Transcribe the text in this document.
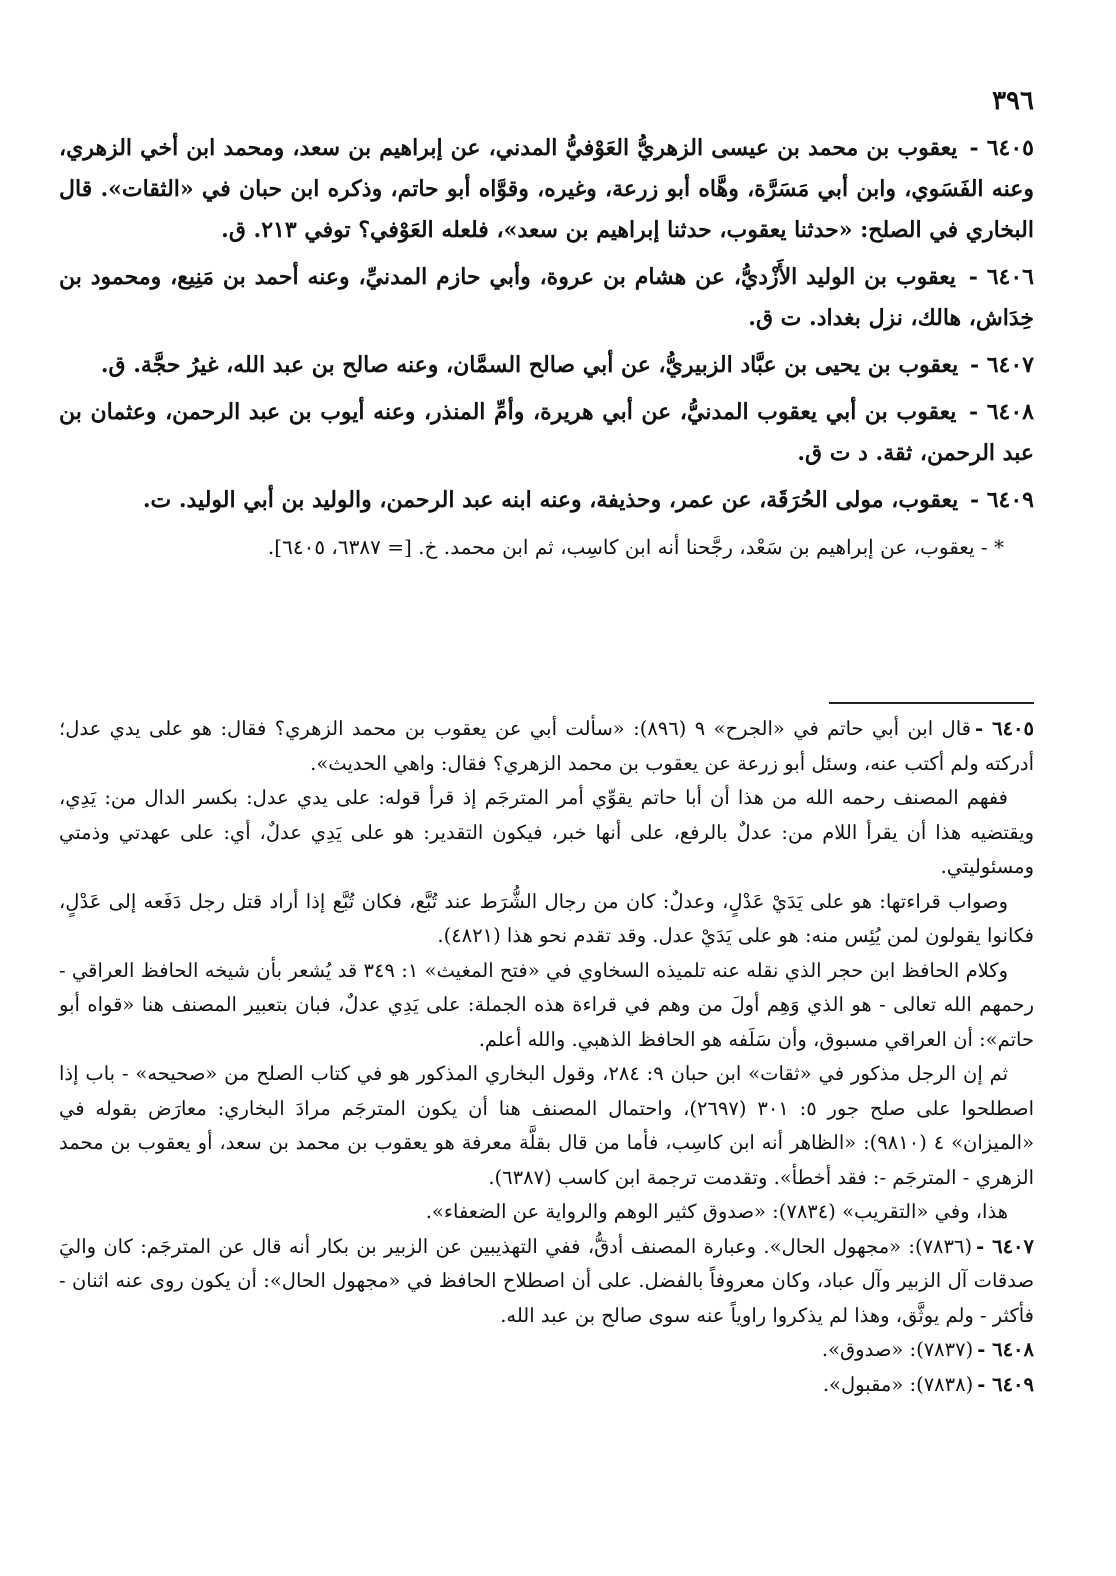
٣٩٦
٦٤٠٥ - يعقوب بن محمد بن عيسى الزهريُّ العَوْفيُّ المدني، عن إبراهيم بن سعد، ومحمد ابن أخي الزهري، وعنه الفَسَوي، وابن أبي مَسَرَّة، وهَّاه أبو زرعة، وغيره، وقوَّاه أبو حاتم، وذكره ابن حبان في «الثقات». قال البخاري في الصلح: «حدثنا يعقوب، حدثنا إبراهيم بن سعد»، فلعله العَوْفي؟ توفي ٢١٣. ق.
٦٤٠٦ - يعقوب بن الوليد الأَزْديُّ، عن هشام بن عروة، وأبي حازم المدنيِّ، وعنه أحمد بن مَنِيع، ومحمود بن خِدَاش، هالك، نزل بغداد. ت ق.
٦٤٠٧ - يعقوب بن يحيى بن عبَّاد الزبيريُّ، عن أبي صالح السمَّان، وعنه صالح بن عبد الله، غيرُ حجَّة. ق.
٦٤٠٨ - يعقوب بن أبي يعقوب المدنيُّ، عن أبي هريرة، وأمِّ المنذر، وعنه أيوب بن عبد الرحمن، وعثمان بن عبد الرحمن، ثقة. د ت ق.
٦٤٠٩ - يعقوب، مولى الحُرَقَة، عن عمر، وحذيفة، وعنه ابنه عبد الرحمن، والوليد بن أبي الوليد. ت.
* - يعقوب، عن إبراهيم بن سَعْد، رجَّحنا أنه ابن كاسِب، ثم ابن محمد. خ. [= ٦٣٨٧، ٦٤٠٥].
٦٤٠٥ -قال ابن أبي حاتم في «الجرح» ٩ (٨٩٦): «سألت أبي عن يعقوب بن محمد الزهري؟ فقال: هو على يدي عدل؛ أدركته ولم أكتب عنه، وسئل أبو زرعة عن يعقوب بن محمد الزهري؟ فقال: واهي الحديث».
ففهم المصنف رحمه الله من هذا أن أبا حاتم يقوِّي أمر المترجَم إذ قرأ قوله: على يدي عدل: بكسر الدال من: يَدِي، ويقتضيه هذا أن يقرأ اللام من: عدلٌ بالرفع، على أنها خبر، فيكون التقدير: هو على يَدِي عدلٌ، أي: على عهدتي وذمتي ومسئوليتي.
وصواب قراءتها: هو على يَدَيْ عَدْلٍ، وعدلٌ: كان من رجال الشُّرَط عند تُبَّع، فكان تُبَّع إذا أراد قتل رجل دَفَعه إلى عَدْلٍ، فكانوا يقولون لمن يُئِس منه: هو على يَدَيْ عدل. وقد تقدم نحو هذا (٤٨٢١).
وكلام الحافظ ابن حجر الذي نقله عنه تلميذه السخاوي في «فتح المغيث» ١: ٣٤٩ قد يُشعر بأن شيخه الحافظ العراقي - رحمهم الله تعالى - هو الذي وَهِم أولَ من وهم في قراءة هذه الجملة: على يَدِي عدلٌ، فبان بتعبير المصنف هنا «قواه أبو حاتم»: أن العراقي مسبوق، وأن سَلَفه هو الحافظ الذهبي. والله أعلم.
ثم إن الرجل مذكور في «ثقات» ابن حبان ٩: ٢٨٤، وقول البخاري المذكور هو في كتاب الصلح من «صحيحه» - باب إذا اصطلحوا على صلح جور ٥: ٣٠١ (٢٦٩٧)، واحتمال المصنف هنا أن يكون المترجَم مرادَ البخاري: معارَض بقوله في «الميزان» ٤ (٩٨١٠): «الظاهر أنه ابن كاسِب، فأما من قال بقلَّة معرفة هو يعقوب بن محمد بن سعد، أو يعقوب بن محمد الزهري - المترجَم -: فقد أخطأ». وتقدمت ترجمة ابن كاسب (٦٣٨٧).
هذا، وفي «التقريب» (٧٨٣٤): «صدوق كثير الوهم والرواية عن الضعفاء».
٦٤٠٧ -(٧٨٣٦): «مجهول الحال». وعبارة المصنف أدقُّ، ففي التهذيبين عن الزبير بن بكار أنه قال عن المترجَم: كان واليَ صدقات آل الزبير وآل عباد، وكان معروفاً بالفضل. على أن اصطلاح الحافظ في «مجهول الحال»: أن يكون روى عنه اثنان - فأكثر - ولم يوثَّق، وهذا لم يذكروا راوياً عنه سوى صالح بن عبد الله.
٦٤٠٨ -(٧٨٣٧): «صدوق».
٦٤٠٩ -(٧٨٣٨): «مقبول».
